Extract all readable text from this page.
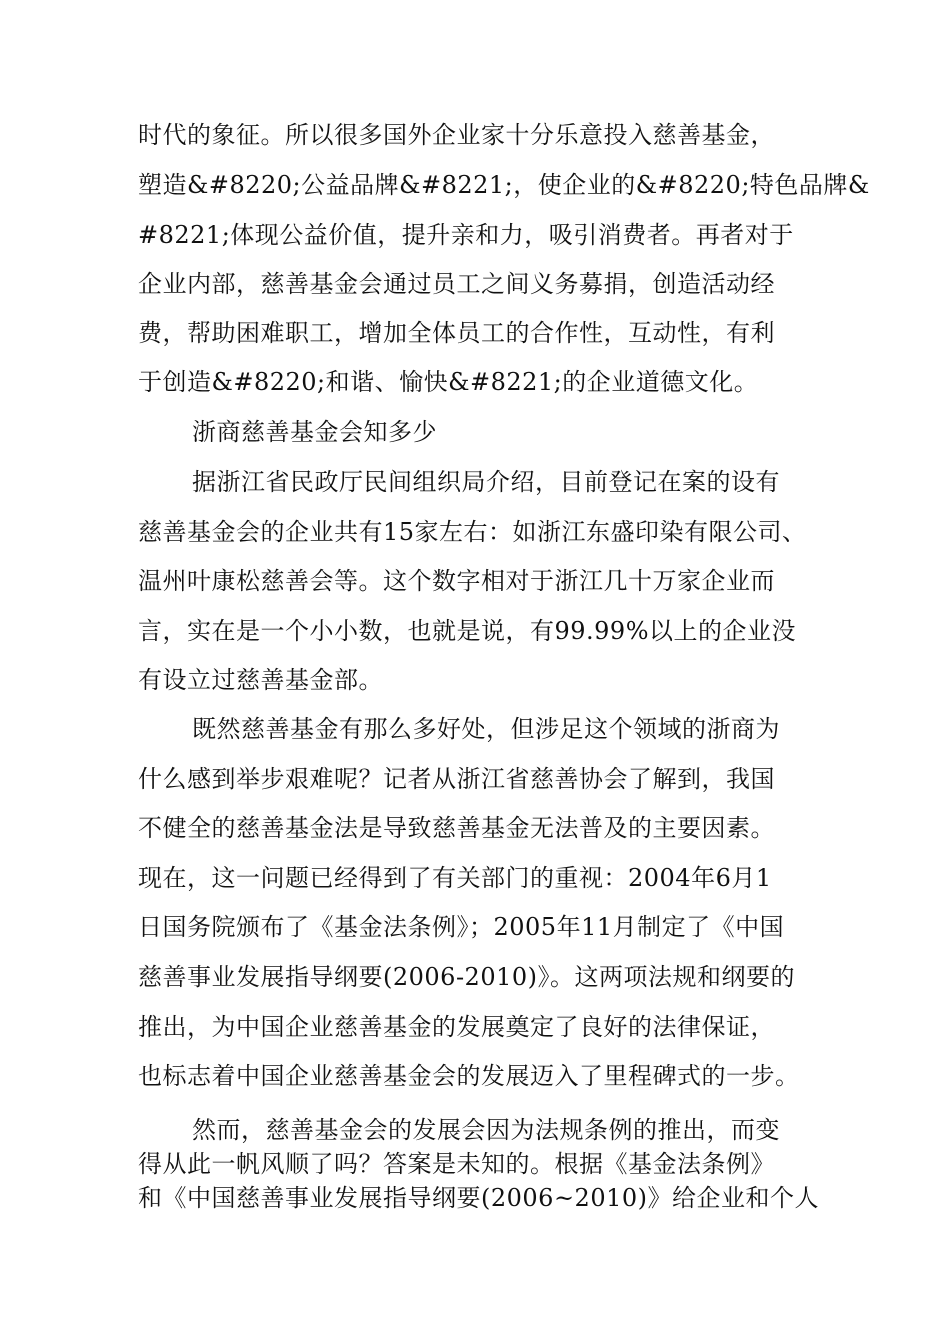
时代的象征。所以很多国外企业家十分乐意投入慈善基金，
塑造&#8220;公益品牌&#8221;，使企业的&#8220;特色品牌&
#8221;体现公益价值，提升亲和力，吸引消费者。再者对于
企业内部，慈善基金会通过员工之间义务募捐，创造活动经
费，帮助困难职工，增加全体员工的合作性，互动性，有利
于创造&#8220;和谐、愉快&#8221;的企业道德文化。
浙商慈善基金会知多少
据浙江省民政厅民间组织局介绍，目前登记在案的设有
慈善基金会的企业共有15家左右：如浙江东盛印染有限公司、
温州叶康松慈善会等。这个数字相对于浙江几十万家企业而
言，实在是一个小小数，也就是说，有99.99%以上的企业没
有设立过慈善基金部。
既然慈善基金有那么多好处，但涉足这个领域的浙商为
什么感到举步艰难呢？记者从浙江省慈善协会了解到，我国
不健全的慈善基金法是导致慈善基金无法普及的主要因素。
现在，这一问题已经得到了有关部门的重视：2004年6月1
日国务院颁布了《基金法条例》；2005年11月制定了《中国
慈善事业发展指导纲要(2006-2010)》。这两项法规和纲要的
推出，为中国企业慈善基金的发展奠定了良好的法律保证，
也标志着中国企业慈善基金会的发展迈入了里程碑式的一步。
然而，慈善基金会的发展会因为法规条例的推出，而变
得从此一帆风顺了吗？答案是未知的。根据《基金法条例》
和《中国慈善事业发展指导纲要(2006~2010)》给企业和个人
